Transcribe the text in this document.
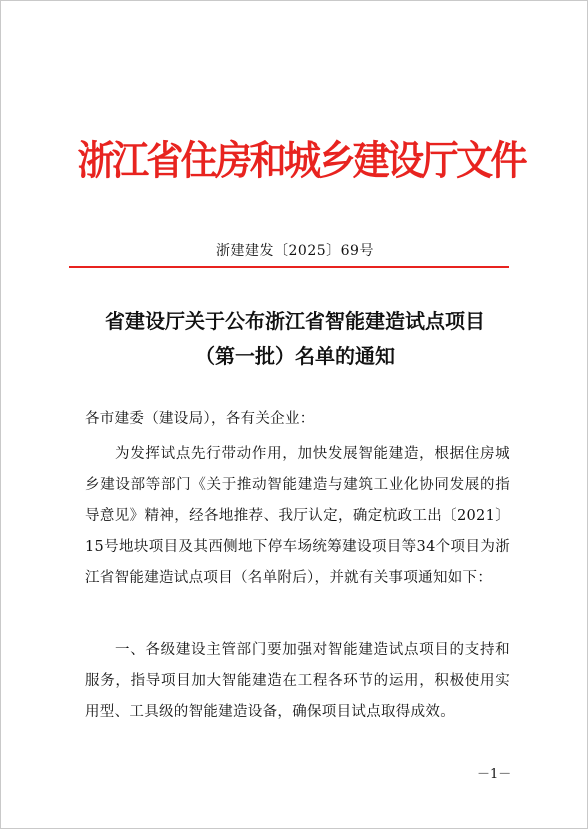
浙江省住房和城乡建设厅文件
浙建建发〔2025〕69号
省建设厅关于公布浙江省智能建造试点项目
（第一批）名单的通知
各市建委（建设局），各有关企业：
为发挥试点先行带动作用，加快发展智能建造，根据住房城乡建设部等部门《关于推动智能建造与建筑工业化协同发展的指导意见》精神，经各地推荐、我厅认定，确定杭政工出〔2021〕15号地块项目及其西侧地下停车场统筹建设项目等34个项目为浙江省智能建造试点项目（名单附后），并就有关事项通知如下：
一、各级建设主管部门要加强对智能建造试点项目的支持和服务，指导项目加大智能建造在工程各环节的运用，积极使用实用型、工具级的智能建造设备，确保项目试点取得成效。
－1－
